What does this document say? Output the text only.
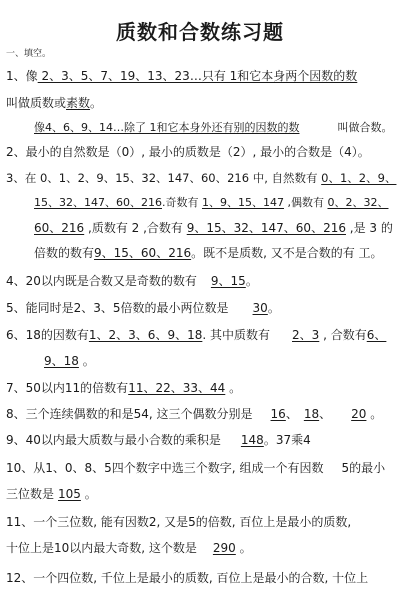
质数和合数练习题
一、填空。
1、像 2、3、5、7、19、13、23…只有 1和它本身两个因数的数
叫做质数或素数。
像4、6、9、14…除了 1和它本身外还有别的因数的数	叫做合数。
2、最小的自然数是（0）, 最小的质数是（2）, 最小的合数是（4）。
3、在 0、1、2、9、15、32、147、60、216 中, 自然数有 0、1、2、9、
15、32、147、60、216.奇数有 1、9、15、147 ,偶数有 0、2、32、
60、216 ,质数有 2 ,合数有 9、15、32、147、60、216 ,是 3 的
倍数的数有9、15、60、216。既不是质数, 又不是合数的有 工。
4、20以内既是合数又是奇数的数有 9、15。
5、能同时是2、3、5倍数的最小两位数是 30。
6、18的因数有1、2、3、6、9、18. 其中质数有 2、3 , 合数有6、
9、18 。
7、50以内11的倍数有11、22、33、44 。
8、三个连续偶数的和是54, 这三个偶数分别是 16、 18、 20 。
9、40以内最大质数与最小合数的乘积是 148。37乘4
10、从1、0、8、5四个数字中选三个数字, 组成一个有因数 5的最小
三位数是 105 。
11、一个三位数, 能有因数2, 又是5的倍数, 百位上是最小的质数,
十位上是10以内最大奇数, 这个数是 290 。
12、一个四位数, 千位上是最小的质数, 百位上是最小的合数, 十位上
